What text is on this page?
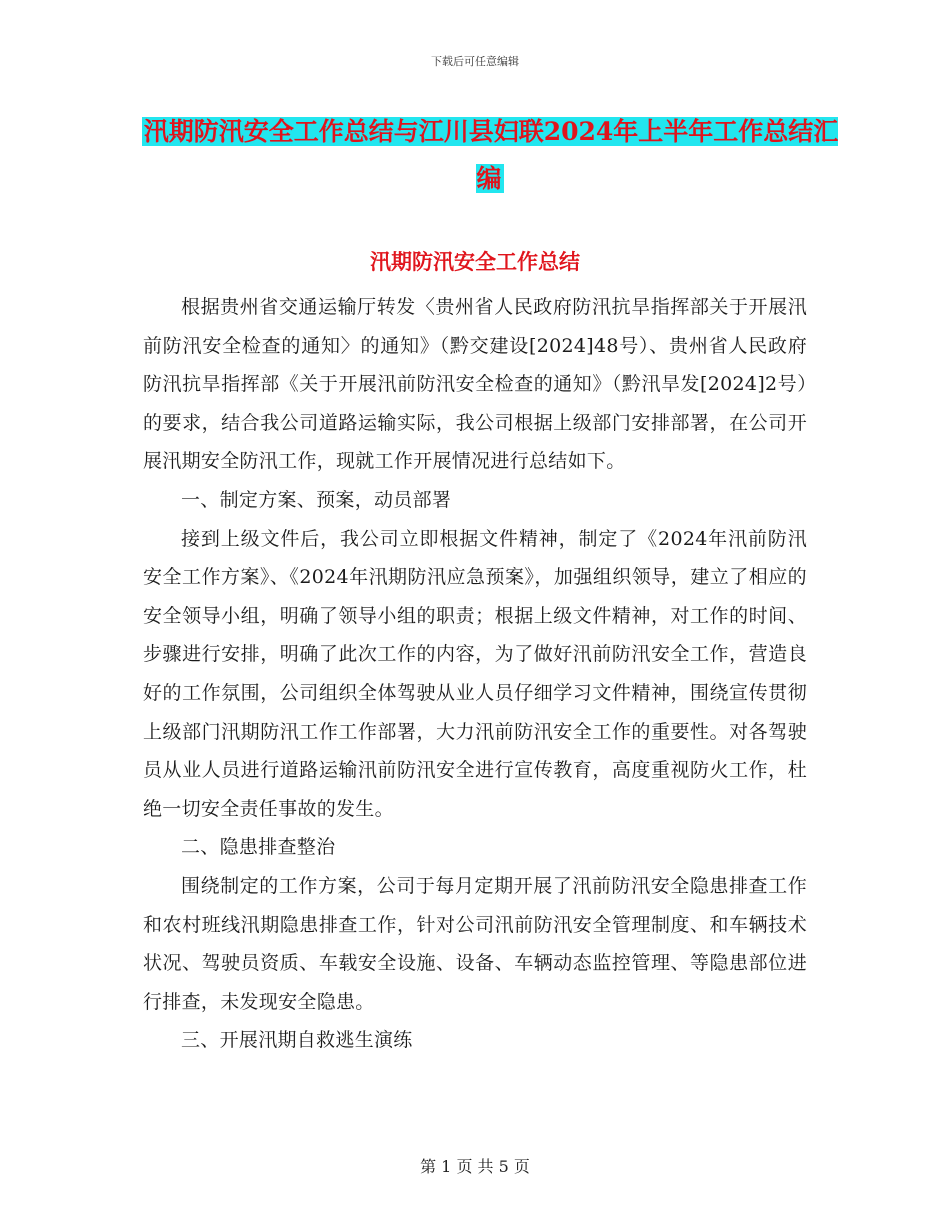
下载后可任意编辑
汛期防汛安全工作总结与江川县妇联2024年上半年工作总结汇编
汛期防汛安全工作总结

根据贵州省交通运输厅转发〈贵州省人民政府防汛抗旱指挥部关于开展汛前防汛安全检查的通知〉的通知》（黔交建设[2024]48号）、贵州省人民政府防汛抗旱指挥部《关于开展汛前防汛安全检查的通知》（黔汛旱发[2024]2号）的要求，结合我公司道路运输实际，我公司根据上级部门安排部署，在公司开展汛期安全防汛工作，现就工作开展情况进行总结如下。

一、制定方案、预案，动员部署

接到上级文件后，我公司立即根据文件精神，制定了《2024年汛前防汛安全工作方案》、《2024年汛期防汛应急预案》，加强组织领导，建立了相应的安全领导小组，明确了领导小组的职责；根据上级文件精神，对工作的时间、步骤进行安排，明确了此次工作的内容，为了做好汛前防汛安全工作，营造良好的工作氛围，公司组织全体驾驶从业人员仔细学习文件精神，围绕宣传贯彻上级部门汛期防汛工作工作部署，大力汛前防汛安全工作的重要性。对各驾驶员从业人员进行道路运输汛前防汛安全进行宣传教育，高度重视防火工作，杜绝一切安全责任事故的发生。

二、隐患排查整治

围绕制定的工作方案，公司于每月定期开展了汛前防汛安全隐患排查工作和农村班线汛期隐患排查工作，针对公司汛前防汛安全管理制度、和车辆技术状况、驾驶员资质、车载安全设施、设备、车辆动态监控管理、等隐患部位进行排查，未发现安全隐患。

三、开展汛期自救逃生演练

第 1 页 共 5 页
